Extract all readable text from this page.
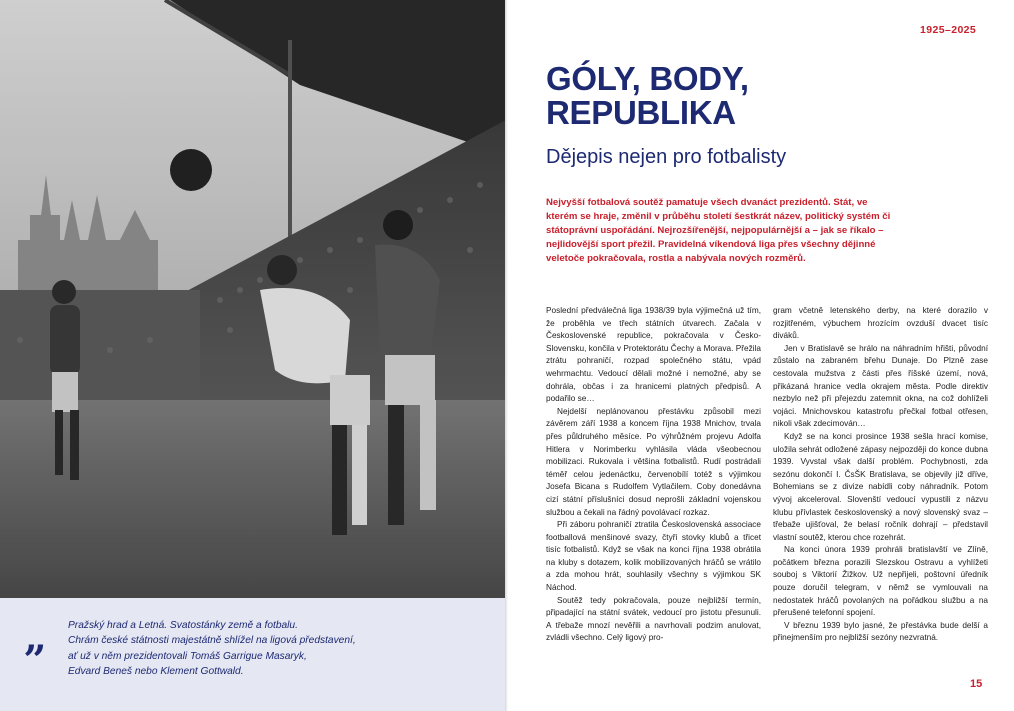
„ Pražský hrad a Letná. Svatostánky země a fotbalu.
Chrám české státnosti majestátně shlížel na ligová představení,
ať už v něm prezidentovali Tomáš Garrigue Masaryk,
Edvard Beneš nebo Klement Gottwald.
1925–2025
GÓLY, BODY,
REPUBLIKA
Dějepis nejen pro fotbalisty

Nejvyšší fotbalová soutěž pamatuje všech dvanáct prezidentů. Stát, ve kterém se hraje, změnil v průběhu století šestkrát název, politický systém či státoprávní uspořádání. Nejrozšířenější, nejpopulárnější a – jak se říkalo – nejlidovější sport přežil. Pravidelná víkendová liga přes všechny dějinné veletoče pokračovala, rostla a nabývala nových rozměrů.

Poslední předválečná liga 1938/39 byla výjimečná už tím, že proběhla ve třech státních útvarech. Začala v Československé republice, pokračovala v Česko-Slovensku, končila v Protektorátu Čechy a Morava. Přežila ztrátu pohraničí, rozpad společného státu, vpád wehrmachtu. Vedoucí dělali možné i nemožné, aby se dohrála, občas i za hranicemi platných předpisů. A podařilo se…

Nejdelší neplánovanou přestávku způsobil mezi závěrem září 1938 a koncem října 1938 Mnichov, trvala přes půldruhého měsíce. Po výhrůžném projevu Adolfa Hitlera v Norimberku vyhlásila vláda všeobecnou mobilizaci. Rukovala i většina fotbalistů. Rudí postrádali téměř celou jedenáctku, červenobílí totéž s výjimkou Josefa Bicana s Rudolfem Vytlačilem. Coby donedávna cizí státní příslušníci dosud neprošli základní vojenskou službou a čekali na řádný povolávací rozkaz.

Při záboru pohraničí ztratila Československá associace footballová menšinové svazy, čtyři stovky klubů a třicet tisíc fotbalistů. Když se však na konci října 1938 obrátila na kluby s dotazem, kolik mobilizovaných hráčů se vrátilo a zda mohou hrát, souhlasily všechny s výjimkou SK Náchod.

Soutěž tedy pokračovala, pouze nejbližší termín, připadající na státní svátek, vedoucí pro jistotu přesunuli. A třebaže mnozí nevěřili a navrhovali podzim anulovat, zvládli všechno. Celý ligový pro-

gram včetně letenského derby, na které dorazilo v rozjitřeném, výbuchem hrozícím ovzduší dvacet tisíc diváků.

Jen v Bratislavě se hrálo na náhradním hřišti, původní zůstalo na zabraném břehu Dunaje. Do Plzně zase cestovala mužstva z části přes říšské území, nová, přikázaná hranice vedla okrajem města. Podle direktiv nezbylo než při přejezdu zatemnit okna, na což dohlíželi vojáci. Mnichovskou katastrofu přečkal fotbal otřesen, nikoli však zdecimován…

Když se na konci prosince 1938 sešla hrací komise, uložila sehrát odložené zápasy nejpozději do konce dubna 1939. Vyvstal však další problém. Pochybnosti, zda sezónu dokončí I. ČsŠK Bratislava, se objevily již dříve, Bohemians se z divize nabídli coby náhradník. Potom vývoj akceleroval. Slovenští vedoucí vypustili z názvu klubu přívlastek československý a nový slovenský svaz – třebaže ujišťoval, že belasí ročník dohrají – představil vlastní soutěž, kterou chce rozehrát.

Na konci února 1939 prohráli bratislavští ve Zlíně, počátkem března porazili Slezskou Ostravu a vyhlížeti souboj s Viktorií Žižkov. Už nepřijeli, poštovní úředník pouze doručil telegram, v němž se vymlouvali na nedostatek hráčů povolaných na pořádkou službu a na přerušené telefonní spojení.

V březnu 1939 bylo jasné, že přestávka bude delší a přinejmenším pro nejbližší sezóny nezvratná.

15
